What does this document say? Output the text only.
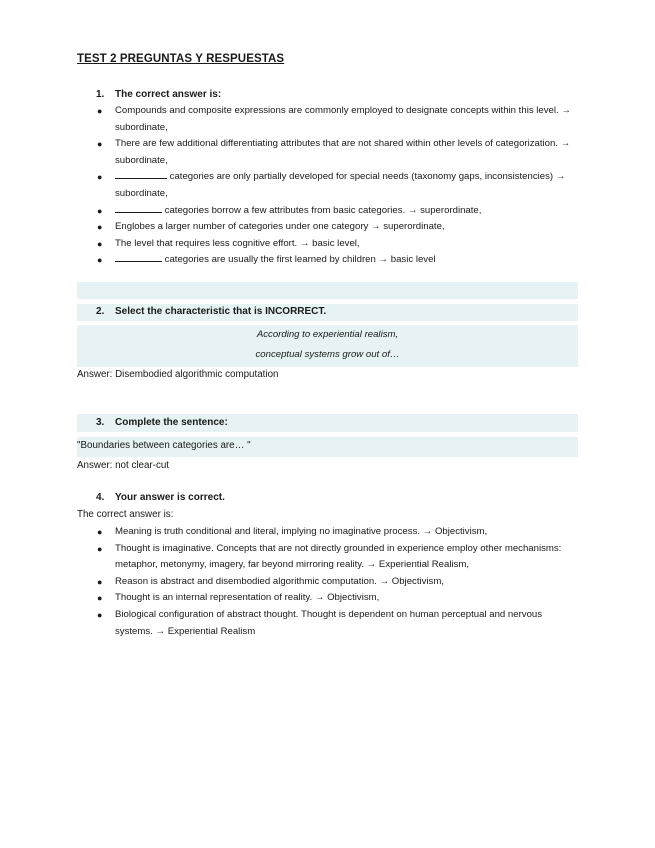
TEST 2 PREGUNTAS Y RESPUESTAS
1. The correct answer is:
● Compounds and composite expressions are commonly employed to designate concepts within this level. → subordinate,
● There are few additional differentiating attributes that are not shared within other levels of categorization. → subordinate,
●	categories are only partially developed for special needs (taxonomy gaps, inconsistencies) → subordinate,
●	categories borrow a few attributes from basic categories. → superordinate,
● Englobes a larger number of categories under one category → superordinate,
● The level that requires less cognitive effort. → basic level,
●	categories are usually the first learned by children → basic level
2. Select the characteristic that is INCORRECT.
According to experiential realism,
conceptual systems grow out of…
Answer: Disembodied algorithmic computation
3. Complete the sentence:
"Boundaries between categories are… "
Answer: not clear-cut
4. Your answer is correct.
The correct answer is:
● Meaning is truth conditional and literal, implying no imaginative process. → Objectivism,
● Thought is imaginative. Concepts that are not directly grounded in experience employ other mechanisms: metaphor, metonymy, imagery, far beyond mirroring reality. → Experiential Realism,
● Reason is abstract and disembodied algorithmic computation. → Objectivism,
● Thought is an internal representation of reality. → Objectivism,
● Biological configuration of abstract thought. Thought is dependent on human perceptual and nervous systems. → Experiential Realism
